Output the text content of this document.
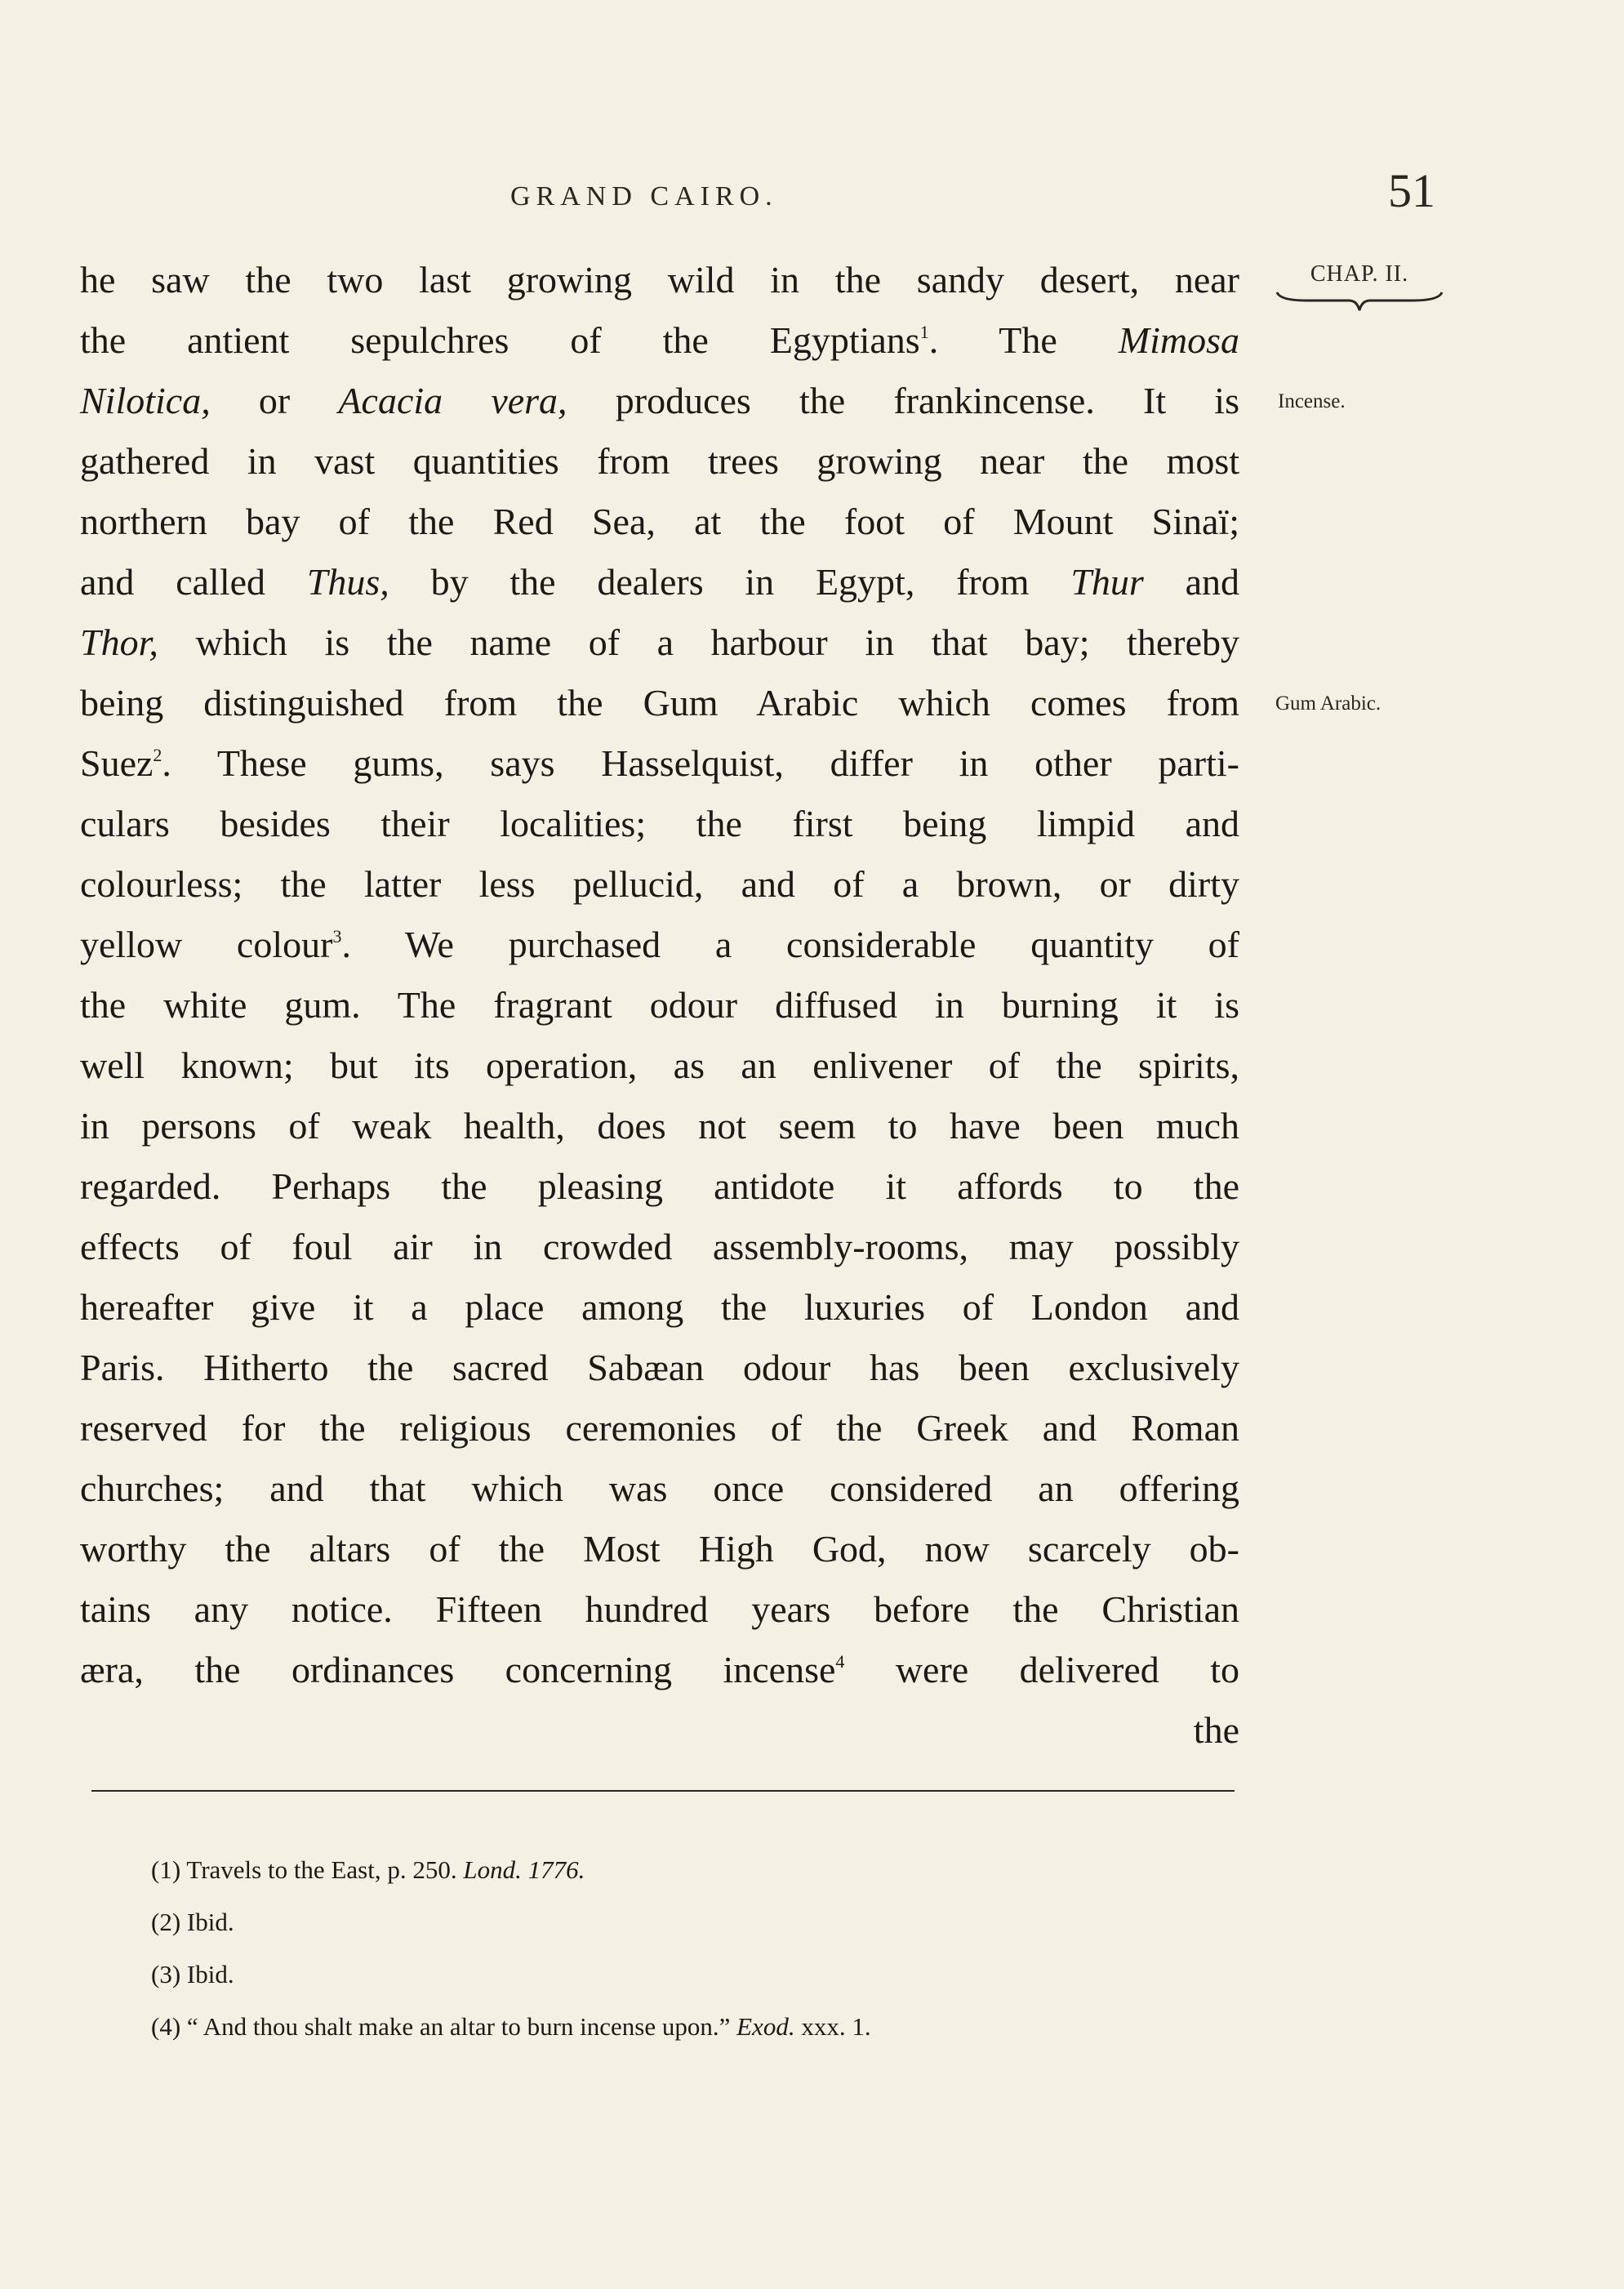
GRAND CAIRO.	51
CHAP. II.
Incense.
Gum Arabic.
he saw the two last growing wild in the sandy desert, near
the antient sepulchres of the Egyptians$^1$. The Mimosa
Nilotica, or Acacia vera, produces the frankincense. It is
gathered in vast quantities from trees growing near the most
northern bay of the Red Sea, at the foot of Mount Sinaï;
and called Thus, by the dealers in Egypt, from Thur and
Thor, which is the name of a harbour in that bay; thereby
being distinguished from the Gum Arabic which comes from
Suez$^2$. These gums, says Hasselquist, differ in other parti-
culars besides their localities; the first being limpid and
colourless; the latter less pellucid, and of a brown, or dirty
yellow colour$^3$. We purchased a considerable quantity of
the white gum. The fragrant odour diffused in burning it is
well known; but its operation, as an enlivener of the spirits,
in persons of weak health, does not seem to have been much
regarded. Perhaps the pleasing antidote it affords to the
effects of foul air in crowded assembly-rooms, may possibly
hereafter give it a place among the luxuries of London and
Paris. Hitherto the sacred Sabæan odour has been exclusively
reserved for the religious ceremonies of the Greek and Roman
churches; and that which was once considered an offering
worthy the altars of the Most High God, now scarcely ob-
tains any notice. Fifteen hundred years before the Christian
æra, the ordinances concerning incense$^4$ were delivered to
the
(1) Travels to the East, p. 250. Lond. 1776.
(2) Ibid.
(3) Ibid.
(4) “ And thou shalt make an altar to burn incense upon.” Exod. xxx. 1.
